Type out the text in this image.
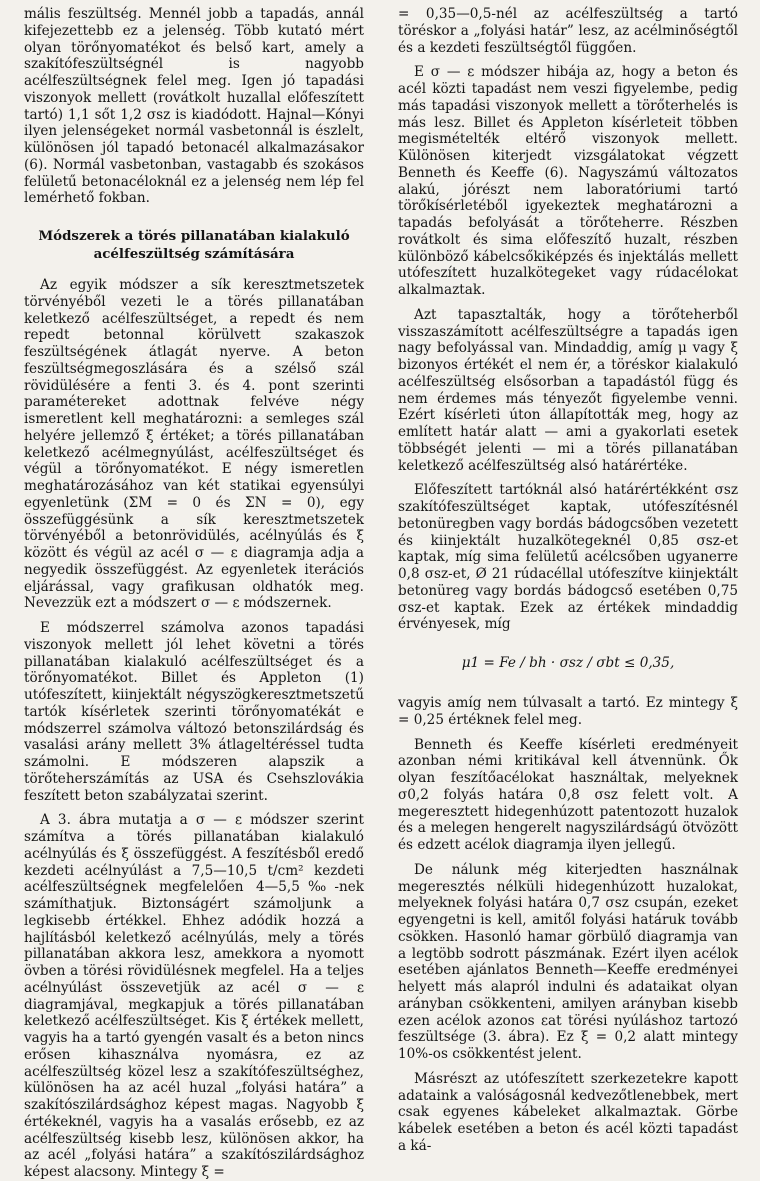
mális feszültség. Mennél jobb a tapadás, annál kifejezettebb ez a jelenség. Több kutató mért olyan törőnyomatékot és belső kart, amely a szakítófeszültségnél is nagyobb acélfeszültségnek felel meg. Igen jó tapadási viszonyok mellett (rovátkolt huzallal előfeszített tartó) 1,1 sőt 1,2 σsz is kiadódott. Hajnal—Kónyi ilyen jelenségeket normál vasbetonnál is észlelt, különösen jól tapadó betonacél alkalmazásakor (6). Normál vasbetonban, vastagabb és szokásos felületű betonacéloknál ez a jelenség nem lép fel lemérhető fokban.

Módszerek a törés pillanatában kialakuló acélfeszültség számítására

Az egyik módszer a sík keresztmetszetek törvényéből vezeti le a törés pillanatában keletkező acélfeszültséget, a repedt és nem repedt betonnal körülvett szakaszok feszültségének átlagát nyerve. A beton feszültségmegoszlására és a szélső szál rövidülésére a fenti 3. és 4. pont szerinti paramétereket adottnak felvéve négy ismeretlent kell meghatározni: a semleges szál helyére jellemző ξ értéket; a törés pillanatában keletkező acélmegnyúlást, acélfeszültséget és végül a törőnyomatékot. E négy ismeretlen meghatározásához van két statikai egyensúlyi egyenletünk (ΣM = 0 és ΣN = 0), egy összefüggésünk a sík keresztmetszetek törvényéből a betonrövidülés, acélnyúlás és ξ között és végül az acél σ — ε diagramja adja a negyedik összefüggést. Az egyenletek iterációs eljárással, vagy grafikusan oldhatók meg. Nevezzük ezt a módszert σ — ε módszernek.

E módszerrel számolva azonos tapadási viszonyok mellett jól lehet követni a törés pillanatában kialakuló acélfeszültséget és a törőnyomatékot. Billet és Appleton (1) utófeszített, kiinjektált négyszögkeresztmetszetű tartók kísérletek szerinti törőnyomatékát e módszerrel számolva változó betonszilárdság és vasalási arány mellett 3% átlageltéréssel tudta számolni. E módszeren alapszik a törőteherszámítás az USA és Csehszlovákia feszített beton szabályzatai szerint.

A 3. ábra mutatja a σ — ε módszer szerint számítva a törés pillanatában kialakuló acélnyúlás és ξ összefüggést. A feszítésből eredő kezdeti acélnyúlást a 7,5—10,5 t/cm² kezdeti acélfeszültségnek megfelelően 4—5,5‰-nek számíthatjuk. Biztonságért számoljunk a legkisebb értékkel. Ehhez adódik hozzá a hajlításból keletkező acélnyúlás, mely a törés pillanatában akkora lesz, amekkora a nyomott övben a törési rövidülésnek megfelel. Ha a teljes acélnyúlást összevetjük az acél σ — ε diagramjával, megkapjuk a törés pillanatában keletkező acélfeszültséget. Kis ξ értékek mellett, vagyis ha a tartó gyengén vasalt és a beton nincs erősen kihasználva nyomásra, ez az acélfeszültség közel lesz a szakítófeszültséghez, különösen ha az acél huzal „folyási határa” a szakítószilárdsághoz képest magas. Nagyobb ξ értékeknél, vagyis ha a vasalás erősebb, ez az acélfeszültség kisebb lesz, különösen akkor, ha az acél „folyási határa” a szakítószilárdsághoz képest alacsony. Mintegy ξ =

= 0,35—0,5-nél az acélfeszültség a tartó töréskor a „folyási határ” lesz, az acélminőségtől és a kezdeti feszültségtől függően.

E σ — ε módszer hibája az, hogy a beton és acél közti tapadást nem veszi figyelembe, pedig más tapadási viszonyok mellett a törőterhelés is más lesz. Billet és Appleton kísérleteit többen megismételték eltérő viszonyok mellett. Különösen kiterjedt vizsgálatokat végzett Benneth és Keeffe (6). Nagyszámú változatos alakú, jórészt nem laboratóriumi tartó törőkísérletéből igyekeztek meghatározni a tapadás befolyását a törőteherre. Részben rovátkolt és sima előfeszítő huzalt, részben különböző kábelcsőkiképzés és injektálás mellett utófeszített huzalkötegeket vagy rúdacélokat alkalmaztak.

Azt tapasztalták, hogy a törőteherből visszaszámított acélfeszültségre a tapadás igen nagy befolyással van. Mindaddig, amíg μ vagy ξ bizonyos értékét el nem ér, a töréskor kialakuló acélfeszültség elsősorban a tapadástól függ és nem érdemes más tényezőt figyelembe venni. Ezért kísérleti úton állapították meg, hogy az említett határ alatt — ami a gyakorlati esetek többségét jelenti — mi a törés pillanatában keletkező acélfeszültség alsó határértéke.

Előfeszített tartóknál alsó határértékként σsz szakítófeszültséget kaptak, utófeszítésnél betonüregben vagy bordás bádogcsőben vezetett és kiinjektált huzalkötegeknél 0,85 σsz-et kaptak, míg sima felületű acélcsőben ugyanerre 0,8 σsz-et, Ø 21 rúdacéllal utófeszítve kiinjektált betonüreg vagy bordás bádogcső esetében 0,75 σsz-et kaptak. Ezek az értékek mindaddig érvényesek, míg

μ1 = Fe / bh · σsz / σbt ≤ 0,35,

vagyis amíg nem túlvasalt a tartó. Ez mintegy ξ = 0,25 értéknek felel meg.

Benneth és Keeffe kísérleti eredményeit azonban némi kritikával kell átvennünk. Ők olyan feszítőacélokat használtak, melyeknek σ0,2 folyás határa 0,8 σsz felett volt. A megeresztett hidegenhúzott patentozott huzalok és a melegen hengerelt nagyszilárdságú ötvözött és edzett acélok diagramja ilyen jellegű.

De nálunk még kiterjedten használnak megeresztés nélküli hidegenhúzott huzalokat, melyeknek folyási határa 0,7 σsz csupán, ezeket egyengetni is kell, amitől folyási határuk tovább csökken. Hasonló hamar görbülő diagramja van a legtöbb sodrott pászmának. Ezért ilyen acélok esetében ajánlatos Benneth—Keeffe eredményei helyett más alapról indulni és adataikat olyan arányban csökkenteni, amilyen arányban kisebb ezen acélok azonos εat törési nyúláshoz tartozó feszültsége (3. ábra). Ez ξ = 0,2 alatt mintegy 10%-os csökkentést jelent.

Másrészt az utófeszített szerkezetekre kapott adataink a valóságosnál kedvezőtlenebbek, mert csak egyenes kábeleket alkalmaztak. Görbe kábelek esetében a beton és acél közti tapadást a ká-
